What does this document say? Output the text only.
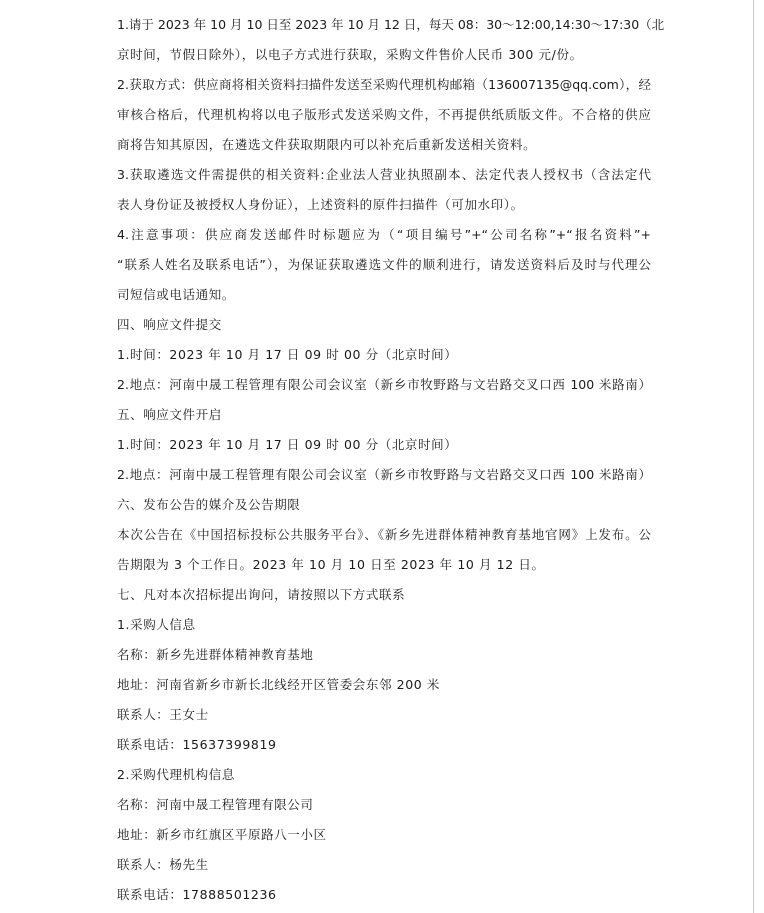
1.请于 2023 年 10 月 10 日至 2023 年 10 月 12 日，每天 08：30～12:00,14:30～17:30（北
京时间，节假日除外），以电子方式进行获取，采购文件售价人民币 300 元/份。
2.获取方式：供应商将相关资料扫描件发送至采购代理机构邮箱（136007135@qq.com），经
审核合格后，代理机构将以电子版形式发送采购文件，不再提供纸质版文件。不合格的供应
商将告知其原因，在遴选文件获取期限内可以补充后重新发送相关资料。
3.获取遴选文件需提供的相关资料:企业法人营业执照副本、法定代表人授权书（含法定代
表人身份证及被授权人身份证），上述资料的原件扫描件（可加水印）。
4.注意事项：供应商发送邮件时标题应为（“项目编号”+“公司名称”+“报名资料”+
“联系人姓名及联系电话”），为保证获取遴选文件的顺利进行，请发送资料后及时与代理公
司短信或电话通知。
四、响应文件提交
1.时间：2023 年 10 月 17 日 09 时 00 分（北京时间）
2.地点：河南中晟工程管理有限公司会议室（新乡市牧野路与文岩路交叉口西 100 米路南）
五、响应文件开启
1.时间：2023 年 10 月 17 日 09 时 00 分（北京时间）
2.地点：河南中晟工程管理有限公司会议室（新乡市牧野路与文岩路交叉口西 100 米路南）
六、发布公告的媒介及公告期限
本次公告在《中国招标投标公共服务平台》、《新乡先进群体精神教育基地官网》上发布。公
告期限为 3 个工作日。2023 年 10 月 10 日至 2023 年 10 月 12 日。
七、凡对本次招标提出询问，请按照以下方式联系
1.采购人信息
名称：新乡先进群体精神教育基地
地址：河南省新乡市新长北线经开区管委会东邻 200 米
联系人：王女士
联系电话：15637399819
2.采购代理机构信息
名称：河南中晟工程管理有限公司
地址：新乡市红旗区平原路八一小区
联系人：杨先生
联系电话：17888501236
